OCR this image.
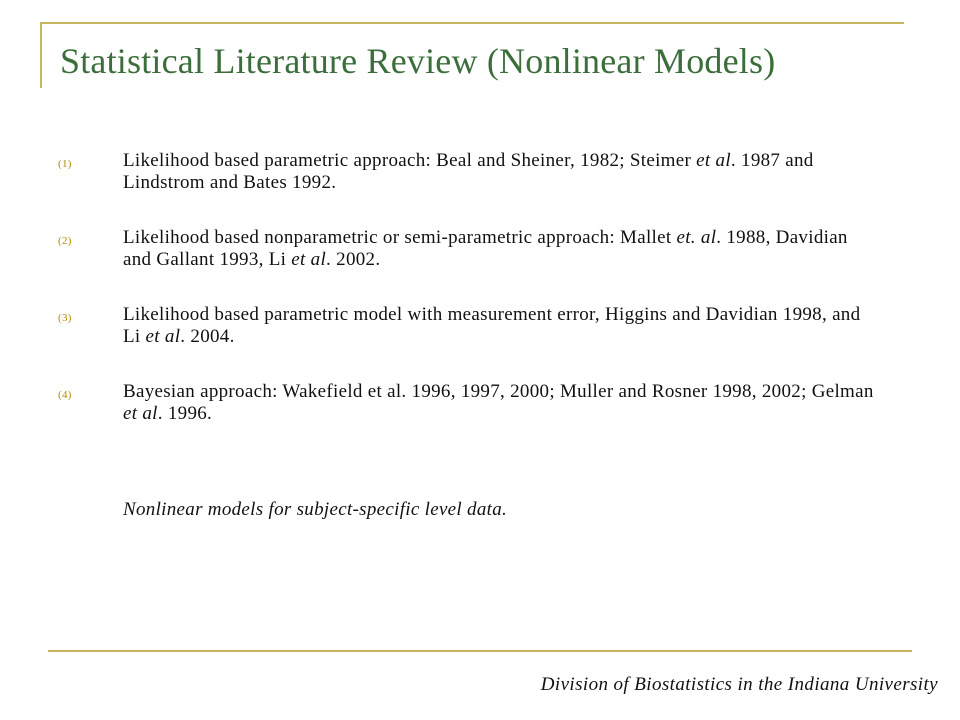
Statistical Literature Review (Nonlinear Models)
(1)	Likelihood based parametric approach: Beal and Sheiner, 1982; Steimer et al. 1987 and Lindstrom and Bates 1992.
(2)	Likelihood based nonparametric or semi-parametric approach: Mallet et. al. 1988, Davidian and Gallant 1993, Li et al. 2002.
(3)	Likelihood based parametric model with measurement error, Higgins and Davidian 1998, and Li et al. 2004.
(4)	Bayesian approach: Wakefield et al. 1996, 1997, 2000; Muller and Rosner 1998, 2002; Gelman et al. 1996.
Nonlinear models for subject-specific level data.
Division of Biostatistics in the Indiana University
